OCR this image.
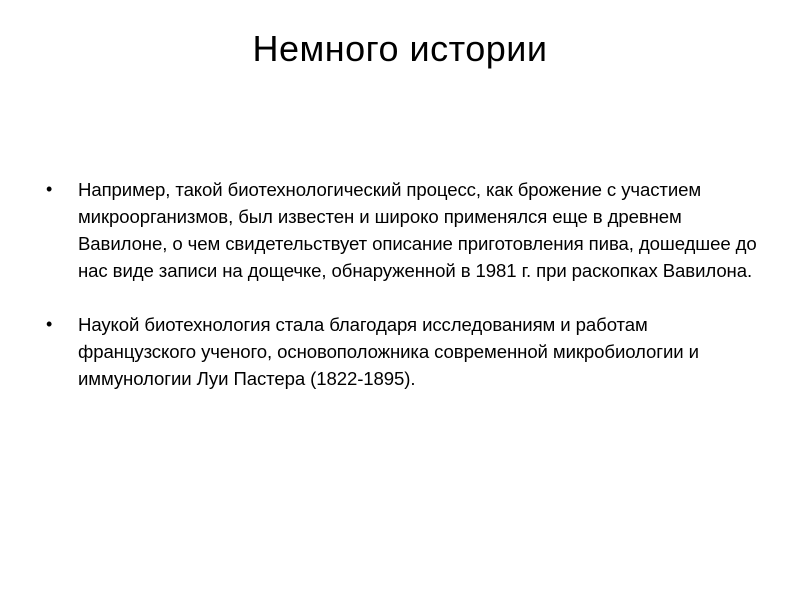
Немного истории
•	Например, такой биотехнологический процесс, как брожение с участием микроорганизмов, был известен и широко применялся еще в древнем Вавилоне, о чем свидетельствует описание приготовления пива, дошедшее до нас виде записи на дощечке, обнаруженной в 1981 г. при раскопках Вавилона.
•	Наукой биотехнология стала благодаря исследованиям и работам французского ученого, основоположника современной микробиологии и иммунологии Луи Пастера (1822-1895).
